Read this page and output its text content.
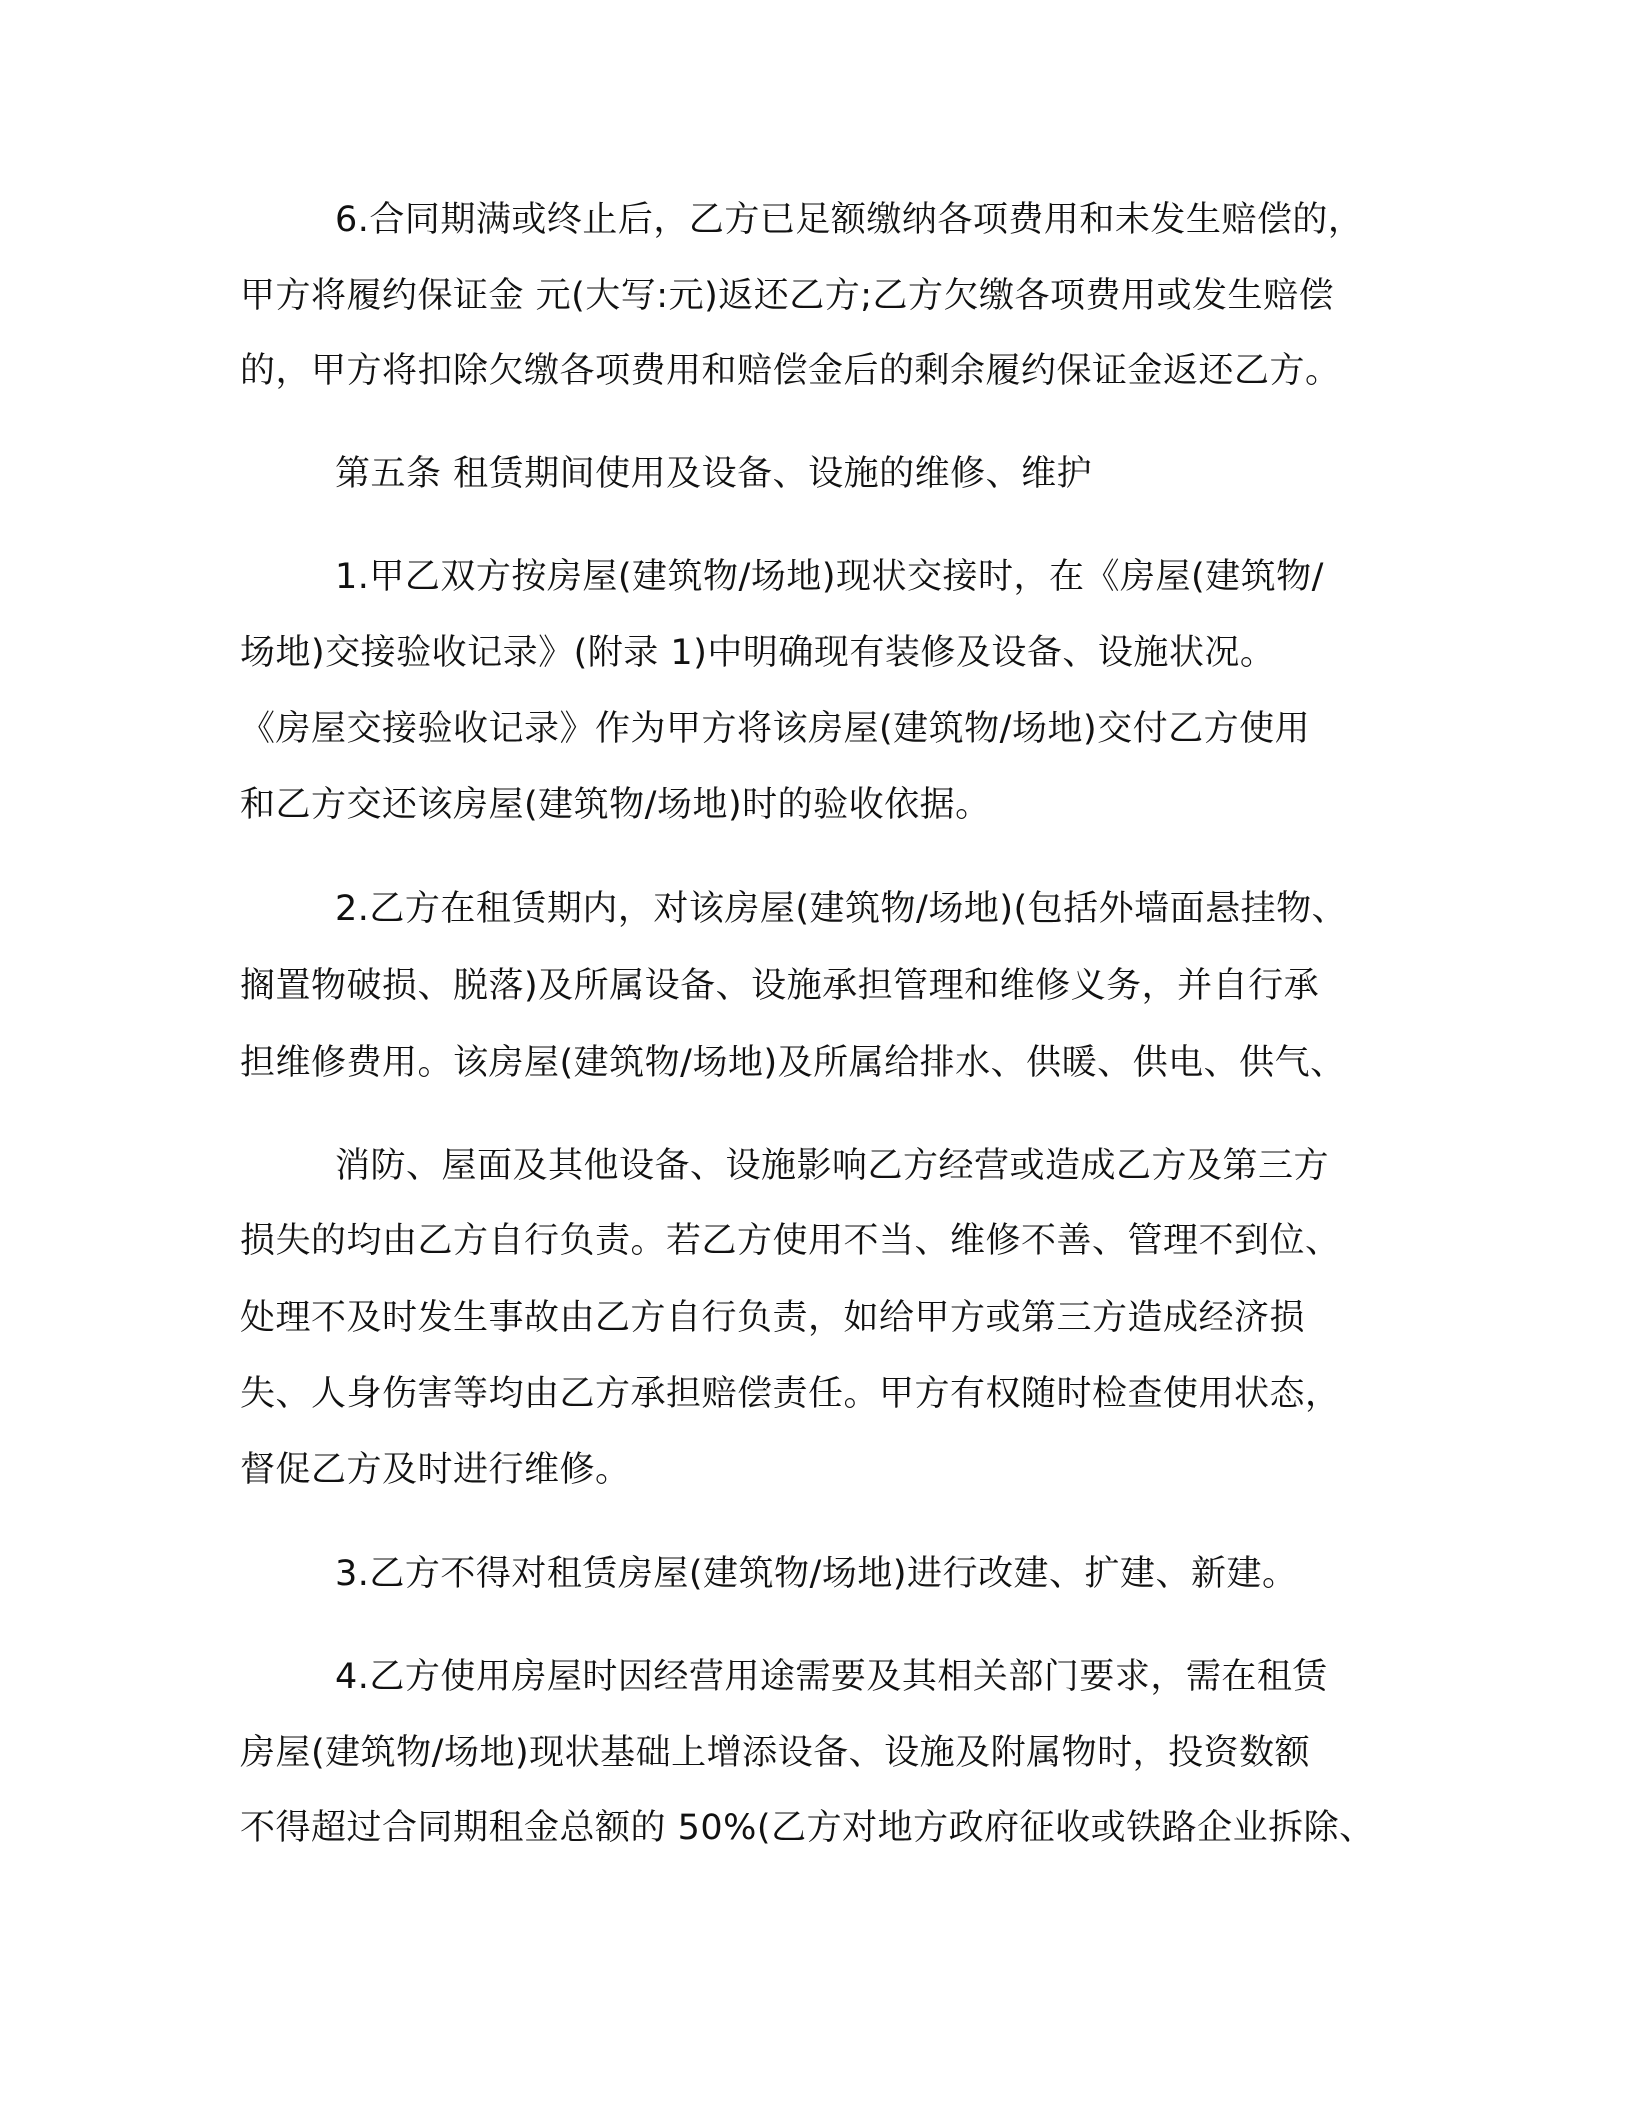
6.合同期满或终止后，乙方已足额缴纳各项费用和未发生赔偿的，

甲方将履约保证金 元(大写:元)返还乙方;乙方欠缴各项费用或发生赔偿

的，甲方将扣除欠缴各项费用和赔偿金后的剩余履约保证金返还乙方。

第五条 租赁期间使用及设备、设施的维修、维护

1.甲乙双方按房屋(建筑物/场地)现状交接时，在《房屋(建筑物/

场地)交接验收记录》(附录 1)中明确现有装修及设备、设施状况。

《房屋交接验收记录》作为甲方将该房屋(建筑物/场地)交付乙方使用

和乙方交还该房屋(建筑物/场地)时的验收依据。

2.乙方在租赁期内，对该房屋(建筑物/场地)(包括外墙面悬挂物、

搁置物破损、脱落)及所属设备、设施承担管理和维修义务，并自行承

担维修费用。该房屋(建筑物/场地)及所属给排水、供暖、供电、供气、

消防、屋面及其他设备、设施影响乙方经营或造成乙方及第三方

损失的均由乙方自行负责。若乙方使用不当、维修不善、管理不到位、

处理不及时发生事故由乙方自行负责，如给甲方或第三方造成经济损

失、人身伤害等均由乙方承担赔偿责任。甲方有权随时检查使用状态，

督促乙方及时进行维修。

3.乙方不得对租赁房屋(建筑物/场地)进行改建、扩建、新建。

4.乙方使用房屋时因经营用途需要及其相关部门要求，需在租赁

房屋(建筑物/场地)现状基础上增添设备、设施及附属物时，投资数额

不得超过合同期租金总额的 50%(乙方对地方政府征收或铁路企业拆除、
